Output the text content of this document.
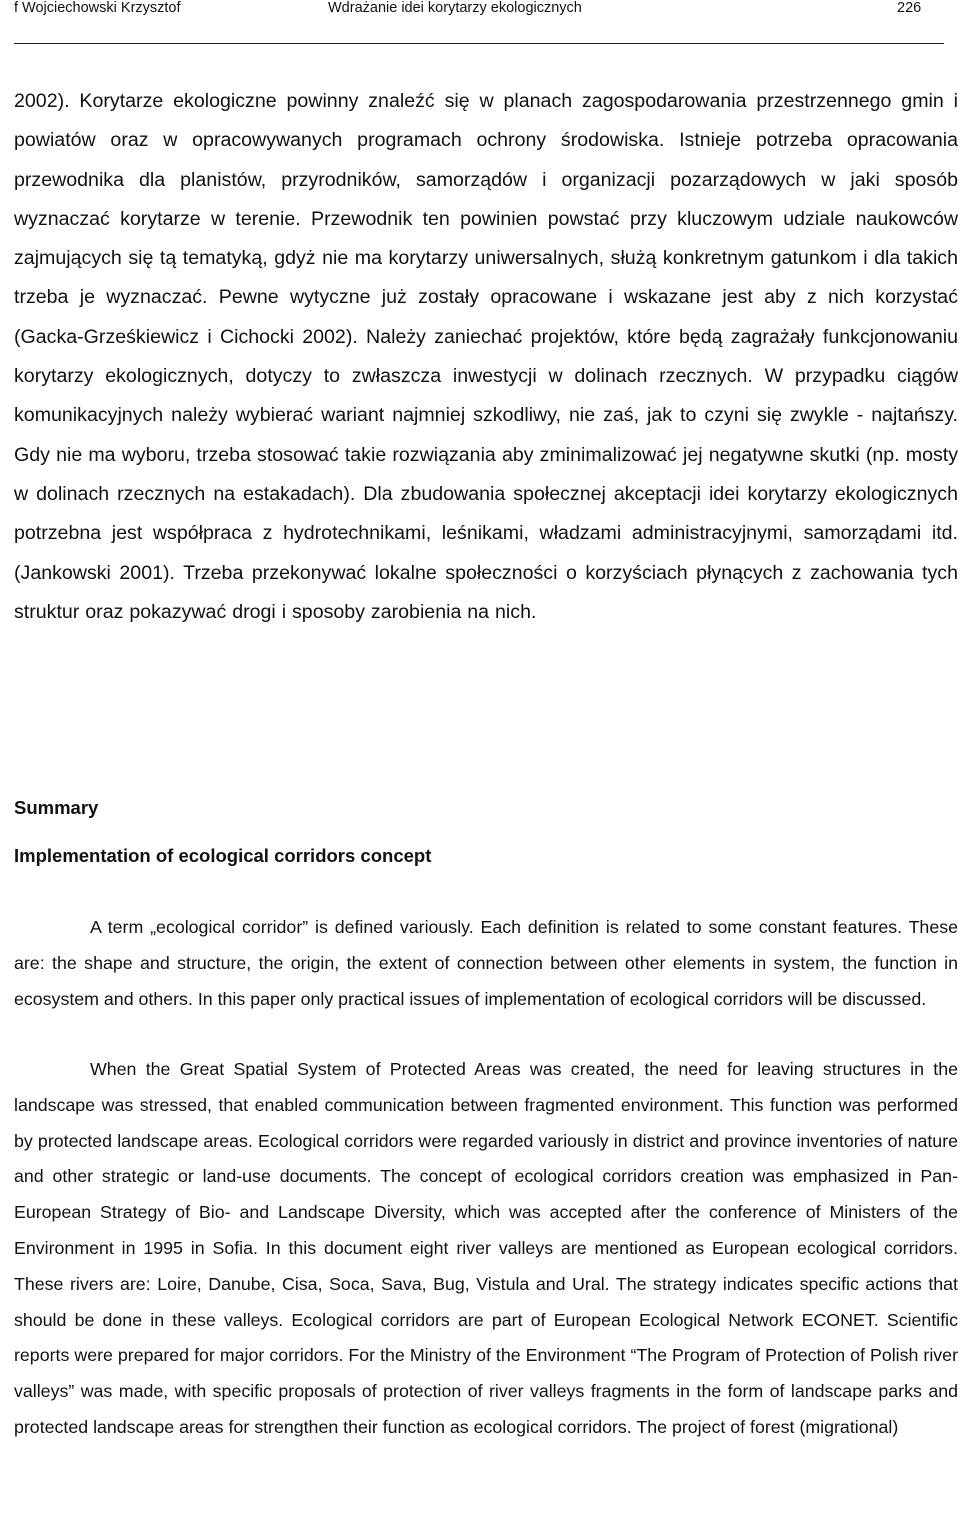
f Wojciechowski Krzysztof	Wdrażanie idei korytarzy ekologicznych	226

2002). Korytarze ekologiczne powinny znaleźć się w planach zagospodarowania przestrzennego gmin i powiatów oraz w opracowywanych programach ochrony środowiska. Istnieje potrzeba opracowania przewodnika dla planistów, przyrodników, samorządów i organizacji pozarządowych w jaki sposób wyznaczać korytarze w terenie. Przewodnik ten powinien powstać przy kluczowym udziale naukowców zajmujących się tą tematyką, gdyż nie ma korytarzy uniwersalnych, służą konkretnym gatunkom i dla takich trzeba je wyznaczać. Pewne wytyczne już zostały opracowane i wskazane jest aby z nich korzystać (Gacka-Grześkiewicz i Cichocki 2002). Należy zaniechać projektów, które będą zagrażały funkcjonowaniu korytarzy ekologicznych, dotyczy to zwłaszcza inwestycji w dolinach rzecznych. W przypadku ciągów komunikacyjnych należy wybierać wariant najmniej szkodliwy, nie zaś, jak to czyni się zwykle - najtańszy. Gdy nie ma wyboru, trzeba stosować takie rozwiązania aby zminimalizować jej negatywne skutki (np. mosty w dolinach rzecznych na estakadach). Dla zbudowania społecznej akceptacji idei korytarzy ekologicznych potrzebna jest współpraca z hydrotechnikami, leśnikami, władzami administracyjnymi, samorządami itd. (Jankowski 2001). Trzeba przekonywać lokalne społeczności o korzyściach płynących z zachowania tych struktur oraz pokazywać drogi i sposoby zarobienia na nich.

Summary
Implementation of ecological corridors concept

A term „ecological corridor” is defined variously. Each definition is related to some constant features. These are: the shape and structure, the origin, the extent of connection between other elements in system, the function in ecosystem and others. In this paper only practical issues of implementation of ecological corridors will be discussed.

When the Great Spatial System of Protected Areas was created, the need for leaving structures in the landscape was stressed, that enabled communication between fragmented environment. This function was performed by protected landscape areas. Ecological corridors were regarded variously in district and province inventories of nature and other strategic or land-use documents. The concept of ecological corridors creation was emphasized in Pan-European Strategy of Bio- and Landscape Diversity, which was accepted after the conference of Ministers of the Environment in 1995 in Sofia. In this document eight river valleys are mentioned as European ecological corridors. These rivers are: Loire, Danube, Cisa, Soca, Sava, Bug, Vistula and Ural. The strategy indicates specific actions that should be done in these valleys. Ecological corridors are part of European Ecological Network ECONET. Scientific reports were prepared for major corridors. For the Ministry of the Environment “The Program of Protection of Polish river valleys” was made, with specific proposals of protection of river valleys fragments in the form of landscape parks and protected landscape areas for strengthen their function as ecological corridors. The project of forest (migrational)
